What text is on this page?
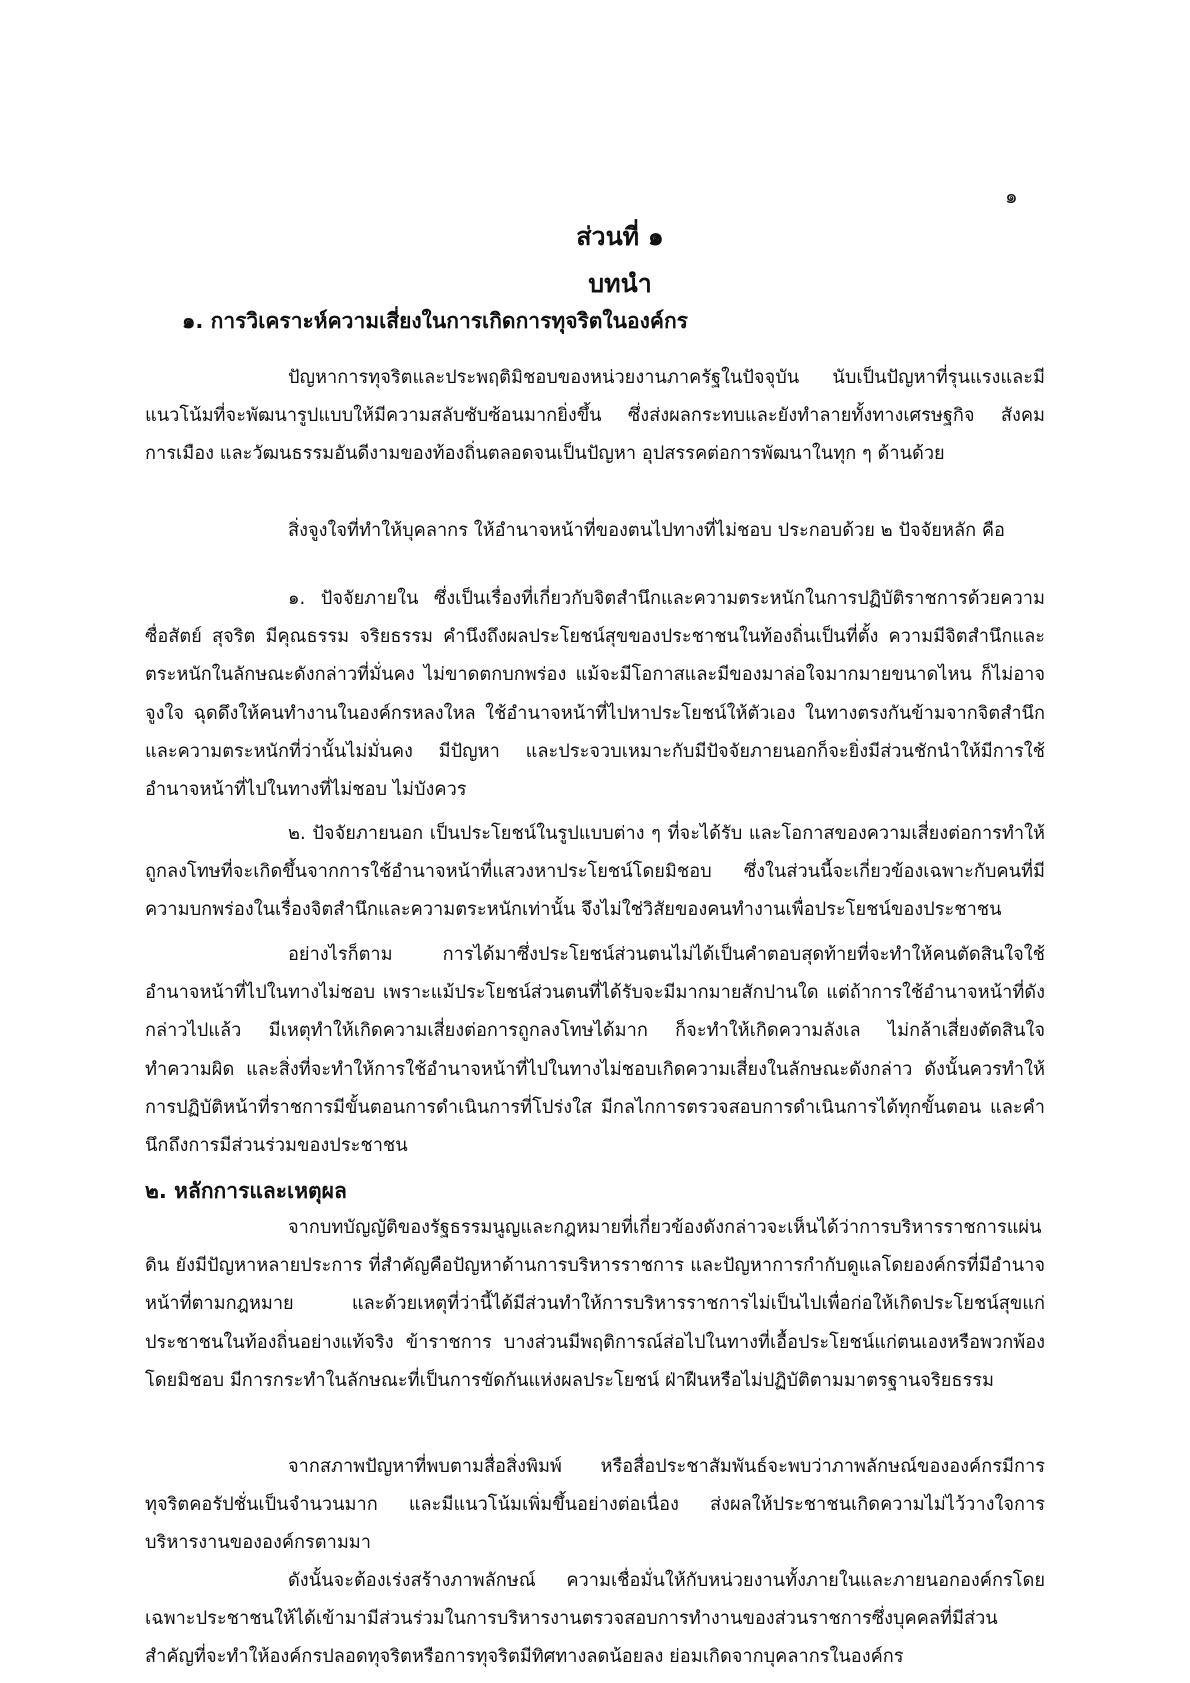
๑
ส่วนที่ ๑
บทนำ
๑. การวิเคราะห์ความเสี่ยงในการเกิดการทุจริตในองค์กร

ปัญหาการทุจริตและประพฤติมิชอบของหน่วยงานภาครัฐในปัจจุบัน นับเป็นปัญหาที่รุนแรงและมีแนวโน้มที่จะพัฒนารูปแบบให้มีความสลับซับซ้อนมากยิ่งขึ้น ซึ่งส่งผลกระทบและยังทำลายทั้งทางเศรษฐกิจ สังคม การเมือง และวัฒนธรรมอันดีงามของท้องถิ่นตลอดจนเป็นปัญหา อุปสรรคต่อการพัฒนาในทุก ๆ ด้านด้วย

สิ่งจูงใจที่ทำให้บุคลากร ให้อำนาจหน้าที่ของตนไปทางที่ไม่ชอบ ประกอบด้วย ๒ ปัจจัยหลัก คือ

๑. ปัจจัยภายใน ซึ่งเป็นเรื่องที่เกี่ยวกับจิตสำนึกและความตระหนักในการปฏิบัติราชการด้วยความซื่อสัตย์ สุจริต มีคุณธรรม จริยธรรม คำนึงถึงผลประโยชน์สุขของประชาชนในท้องถิ่นเป็นที่ตั้ง ความมีจิตสำนึกและตระหนักในลักษณะดังกล่าวที่มั่นคง ไม่ขาดตกบกพร่อง แม้จะมีโอกาสและมีของมาล่อใจมากมายขนาดไหน ก็ไม่อาจจูงใจ ฉุดดึงให้คนทำงานในองค์กรหลงใหล ใช้อำนาจหน้าที่ไปหาประโยชน์ให้ตัวเอง ในทางตรงกันข้ามจากจิตสำนึกและความตระหนักที่ว่านั้นไม่มั่นคง มีปัญหา และประจวบเหมาะกับมีปัจจัยภายนอกก็จะยิ่งมีส่วนชักนำให้มีการใช้อำนาจหน้าที่ไปในทางที่ไม่ชอบ ไม่บังควร

๒. ปัจจัยภายนอก เป็นประโยชน์ในรูปแบบต่าง ๆ ที่จะได้รับ และโอกาสของความเสี่ยงต่อการทำให้ถูกลงโทษที่จะเกิดขึ้นจากการใช้อำนาจหน้าที่แสวงหาประโยชน์โดยมิชอบ ซึ่งในส่วนนี้จะเกี่ยวข้องเฉพาะกับคนที่มีความบกพร่องในเรื่องจิตสำนึกและความตระหนักเท่านั้น จึงไม่ใช่วิสัยของคนทำงานเพื่อประโยชน์ของประชาชน

อย่างไรก็ตาม การได้มาซึ่งประโยชน์ส่วนตนไม่ได้เป็นคำตอบสุดท้ายที่จะทำให้คนตัดสินใจใช้อำนาจหน้าที่ไปในทางไม่ชอบ เพราะแม้ประโยชน์ส่วนตนที่ได้รับจะมีมากมายสักปานใด แต่ถ้าการใช้อำนาจหน้าที่ดังกล่าวไปแล้ว มีเหตุทำให้เกิดความเสี่ยงต่อการถูกลงโทษได้มาก ก็จะทำให้เกิดความลังเล ไม่กล้าเสี่ยงตัดสินใจทำความผิด และสิ่งที่จะทำให้การใช้อำนาจหน้าที่ไปในทางไม่ชอบเกิดความเสี่ยงในลักษณะดังกล่าว ดังนั้นควรทำให้การปฏิบัติหน้าที่ราชการมีขั้นตอนการดำเนินการที่โปร่งใส มีกลไกการตรวจสอบการดำเนินการได้ทุกขั้นตอน และคำนึกถึงการมีส่วนร่วมของประชาชน

๒. หลักการและเหตุผล

จากบทบัญญัติของรัฐธรรมนูญและกฎหมายที่เกี่ยวข้องดังกล่าวจะเห็นได้ว่าการบริหารราชการแผ่นดิน ยังมีปัญหาหลายประการ ที่สำคัญคือปัญหาด้านการบริหารราชการ และปัญหาการกำกับดูแลโดยองค์กรที่มีอำนาจหน้าที่ตามกฎหมาย และด้วยเหตุที่ว่านี้ได้มีส่วนทำให้การบริหารราชการไม่เป็นไปเพื่อก่อให้เกิดประโยชน์สุขแก่ประชาชนในท้องถิ่นอย่างแท้จริง ข้าราชการ บางส่วนมีพฤติการณ์ส่อไปในทางที่เอื้อประโยชน์แก่ตนเองหรือพวกพ้องโดยมิชอบ มีการกระทำในลักษณะที่เป็นการขัดกันแห่งผลประโยชน์ ฝ่าฝืนหรือไม่ปฏิบัติตามมาตรฐานจริยธรรม

จากสภาพปัญหาที่พบตามสื่อสิ่งพิมพ์ หรือสื่อประชาสัมพันธ์จะพบว่าภาพลักษณ์ขององค์กรมีการทุจริตคอรัปชั่นเป็นจำนวนมาก และมีแนวโน้มเพิ่มขึ้นอย่างต่อเนื่อง ส่งผลให้ประชาชนเกิดความไม่ไว้วางใจการบริหารงานขององค์กรตามมา

ดังนั้นจะต้องเร่งสร้างภาพลักษณ์ ความเชื่อมั่นให้กับหน่วยงานทั้งภายในและภายนอกองค์กรโดยเฉพาะประชาชนให้ได้เข้ามามีส่วนร่วมในการบริหารงานตรวจสอบการทำงานของส่วนราชการซึ่งบุคคลที่มีส่วนสำคัญที่จะทำให้องค์กรปลอดทุจริตหรือการทุจริตมีทิศทางลดน้อยลง ย่อมเกิดจากบุคลากรในองค์กร
